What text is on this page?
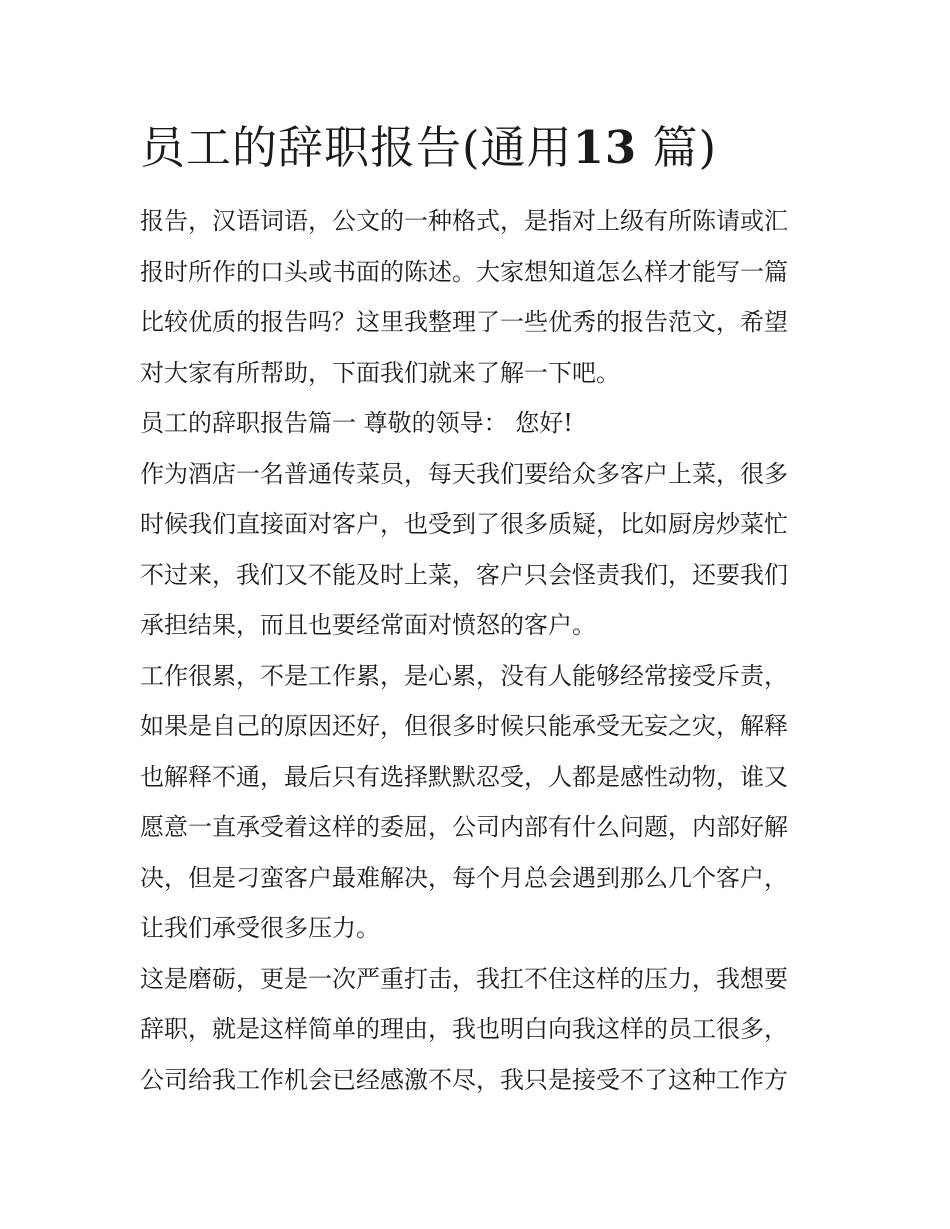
员工的辞职报告(通用13 篇)
报告，汉语词语，公文的一种格式，是指对上级有所陈请或汇
报时所作的口头或书面的陈述。大家想知道怎么样才能写一篇
比较优质的报告吗？这里我整理了一些优秀的报告范文，希望
对大家有所帮助，下面我们就来了解一下吧。
员工的辞职报告篇一 尊敬的领导： 您好!
作为酒店一名普通传菜员，每天我们要给众多客户上菜，很多
时候我们直接面对客户，也受到了很多质疑，比如厨房炒菜忙
不过来，我们又不能及时上菜，客户只会怪责我们，还要我们
承担结果，而且也要经常面对愤怒的客户。
工作很累，不是工作累，是心累，没有人能够经常接受斥责，
如果是自己的原因还好，但很多时候只能承受无妄之灾，解释
也解释不通，最后只有选择默默忍受，人都是感性动物，谁又
愿意一直承受着这样的委屈，公司内部有什么问题，内部好解
决，但是刁蛮客户最难解决，每个月总会遇到那么几个客户，
让我们承受很多压力。
这是磨砺，更是一次严重打击，我扛不住这样的压力，我想要
辞职，就是这样简单的理由，我也明白向我这样的员工很多，
公司给我工作机会已经感激不尽，我只是接受不了这种工作方
